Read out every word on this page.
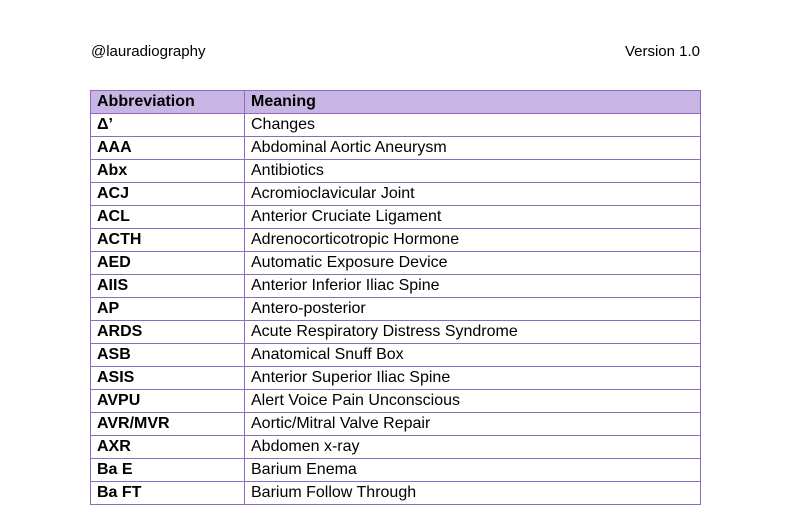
@lauradiography	Version 1.0
Abbreviation	Meaning
Δ’	Changes
AAA	Abdominal Aortic Aneurysm
Abx	Antibiotics
ACJ	Acromioclavicular Joint
ACL	Anterior Cruciate Ligament
ACTH	Adrenocorticotropic Hormone
AED	Automatic Exposure Device
AIIS	Anterior Inferior Iliac Spine
AP	Antero-posterior
ARDS	Acute Respiratory Distress Syndrome
ASB	Anatomical Snuff Box
ASIS	Anterior Superior Iliac Spine
AVPU	Alert Voice Pain Unconscious
AVR/MVR	Aortic/Mitral Valve Repair
AXR	Abdomen x-ray
Ba E	Barium Enema
Ba FT	Barium Follow Through
